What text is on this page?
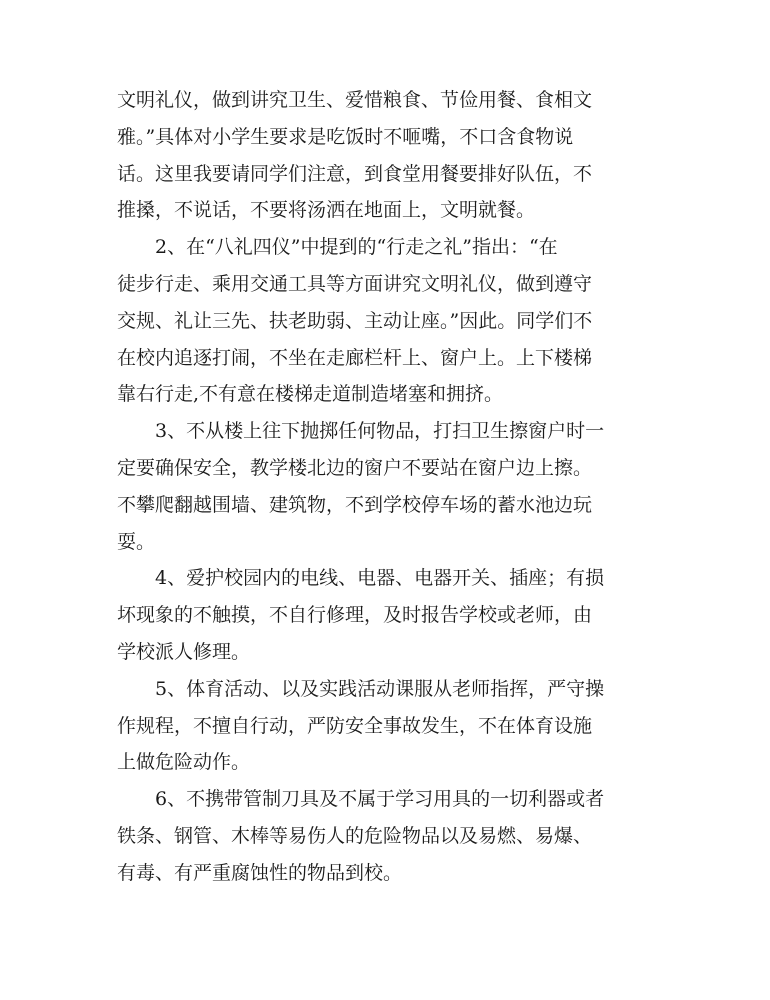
文明礼仪，做到讲究卫生、爱惜粮食、节俭用餐、食相文
雅。”具体对小学生要求是吃饭时不咂嘴，不口含食物说
话。这里我要请同学们注意，到食堂用餐要排好队伍，不
推搡，不说话，不要将汤洒在地面上，文明就餐。
2、在“八礼四仪”中提到的“行走之礼”指出：“在
徒步行走、乘用交通工具等方面讲究文明礼仪，做到遵守
交规、礼让三先、扶老助弱、主动让座。”因此。同学们不
在校内追逐打闹，不坐在走廊栏杆上、窗户上。上下楼梯
靠右行走,不有意在楼梯走道制造堵塞和拥挤。
3、不从楼上往下抛掷任何物品，打扫卫生擦窗户时一
定要确保安全，教学楼北边的窗户不要站在窗户边上擦。
不攀爬翻越围墙、建筑物，不到学校停车场的蓄水池边玩
耍。
4、爱护校园内的电线、电器、电器开关、插座；有损
坏现象的不触摸，不自行修理，及时报告学校或老师，由
学校派人修理。
5、体育活动、以及实践活动课服从老师指挥，严守操
作规程，不擅自行动，严防安全事故发生，不在体育设施
上做危险动作。
6、不携带管制刀具及不属于学习用具的一切利器或者
铁条、钢管、木棒等易伤人的危险物品以及易燃、易爆、
有毒、有严重腐蚀性的物品到校。
